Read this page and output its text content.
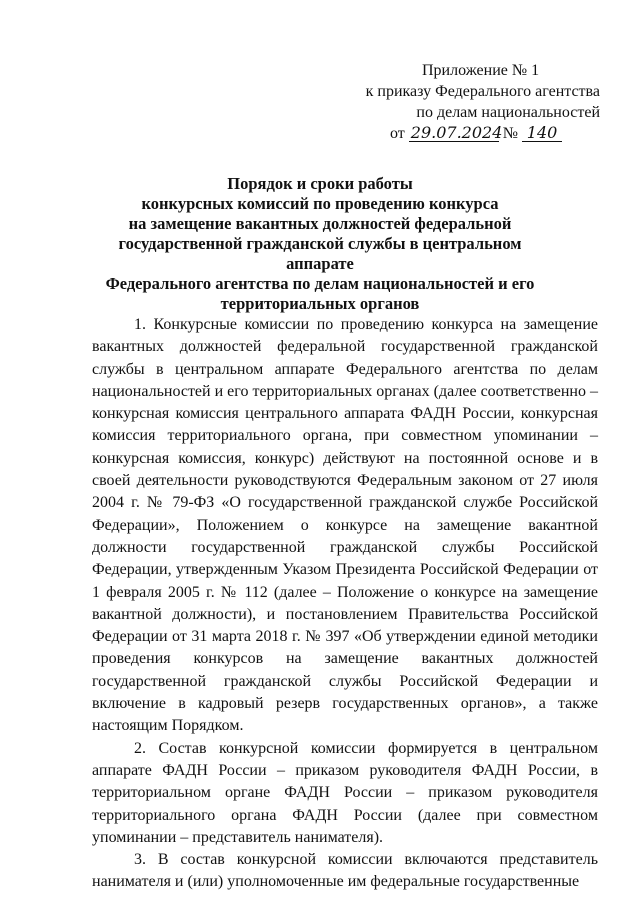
Приложение № 1
к приказу Федерального агентства
по делам национальностей
от 29.07.2024 № 140
Порядок и сроки работы
конкурсных комиссий по проведению конкурса
на замещение вакантных должностей федеральной
государственной гражданской службы в центральном аппарате
Федерального агентства по делам национальностей и его
территориальных органов

1. Конкурсные комиссии по проведению конкурса на замещение вакантных должностей федеральной государственной гражданской службы в центральном аппарате Федерального агентства по делам национальностей и его территориальных органах (далее соответственно – конкурсная комиссия центрального аппарата ФАДН России, конкурсная комиссия территориального органа, при совместном упоминании – конкурсная комиссия, конкурс) действуют на постоянной основе и в своей деятельности руководствуются Федеральным законом от 27 июля 2004 г. № 79-ФЗ «О государственной гражданской службе Российской Федерации», Положением о конкурсе на замещение вакантной должности государственной гражданской службы Российской Федерации, утвержденным Указом Президента Российской Федерации от 1 февраля 2005 г. № 112 (далее – Положение о конкурсе на замещение вакантной должности), и постановлением Правительства Российской Федерации от 31 марта 2018 г. № 397 «Об утверждении единой методики проведения конкурсов на замещение вакантных должностей государственной гражданской службы Российской Федерации и включение в кадровый резерв государственных органов», а также настоящим Порядком.

2. Состав конкурсной комиссии формируется в центральном аппарате ФАДН России – приказом руководителя ФАДН России, в территориальном органе ФАДН России – приказом руководителя территориального органа ФАДН России (далее при совместном упоминании – представитель нанимателя).

3. В состав конкурсной комиссии включаются представитель нанимателя и (или) уполномоченные им федеральные государственные
